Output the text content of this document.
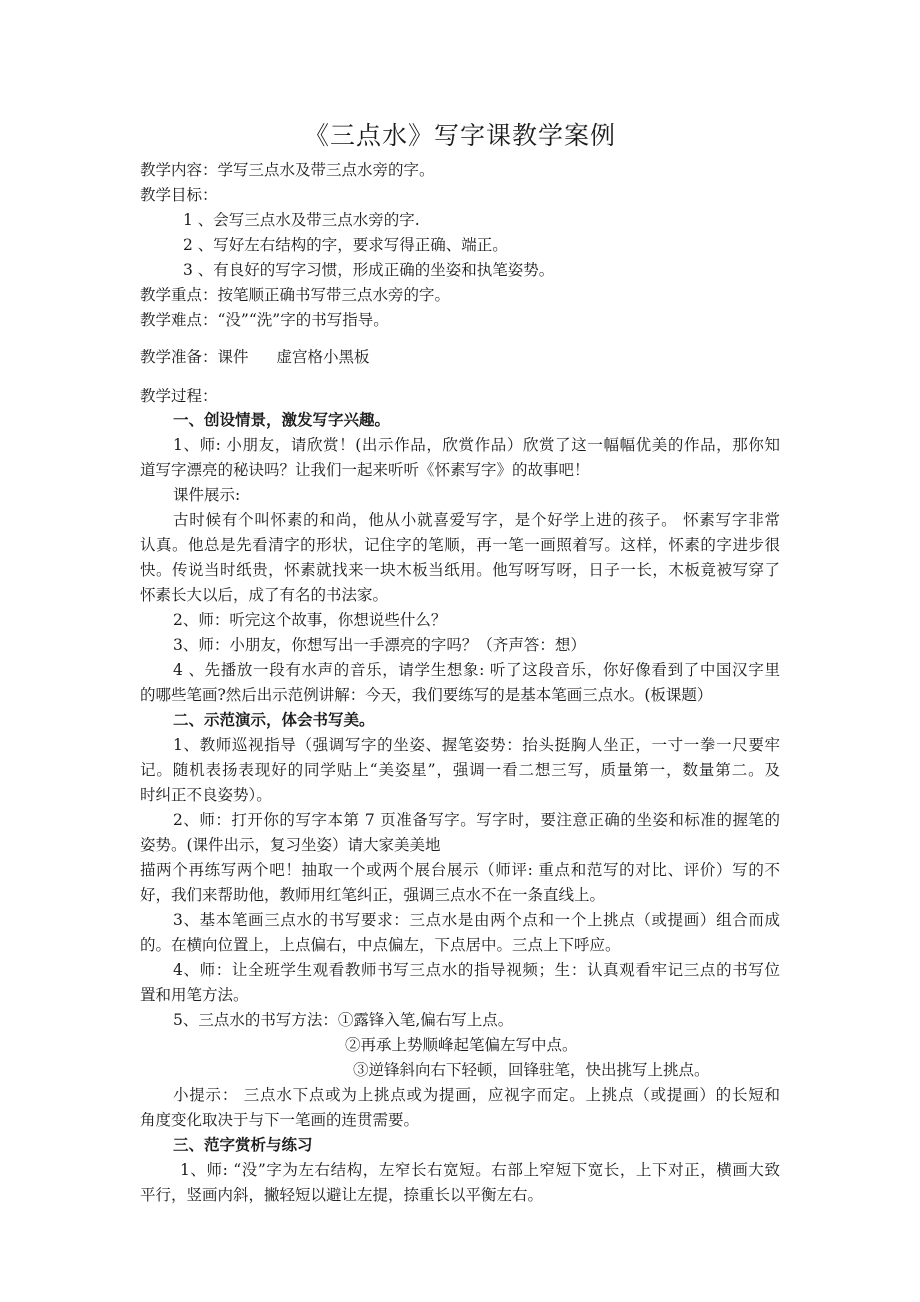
《三点水》写字课教学案例
教学内容：学写三点水及带三点水旁的字。
教学目标：
1 、会写三点水及带三点水旁的字.
2 、写好左右结构的字，要求写得正确、端正。
3 、有良好的写字习惯，形成正确的坐姿和执笔姿势。
教学重点：按笔顺正确书写带三点水旁的字。
教学难点：“没”“洗”字的书写指导。
教学准备：课件 虚宫格小黑板
教学过程：
一、创设情景，激发写字兴趣。
1、师: 小朋友，请欣赏！(出示作品，欣赏作品）欣赏了这一幅幅优美的作品，那你知
道写字漂亮的秘诀吗？让我们一起来听听《怀素写字》的故事吧！
课件展示:
古时候有个叫怀素的和尚，他从小就喜爱写字，是个好学上进的孩子。 怀素写字非常
认真。他总是先看清字的形状，记住字的笔顺，再一笔一画照着写。这样，怀素的字进步很
快。传说当时纸贵，怀素就找来一块木板当纸用。他写呀写呀，日子一长，木板竟被写穿了
怀素长大以后，成了有名的书法家。
2、师：听完这个故事，你想说些什么？
3、师：小朋友，你想写出一手漂亮的字吗？（齐声答：想）
4 、先播放一段有水声的音乐，请学生想象: 听了这段音乐，你好像看到了中国汉字里
的哪些笔画?然后出示范例讲解：今天，我们要练写的是基本笔画三点水。(板课题）
二、示范演示，体会书写美。
1、教师巡视指导（强调写字的坐姿、握笔姿势：抬头挺胸人坐正，一寸一拳一尺要牢
记。随机表扬表现好的同学贴上“美姿星”，强调一看二想三写，质量第一，数量第二。及
时纠正不良姿势）。
2、师：打开你的写字本第 7 页准备写字。写字时，要注意正确的坐姿和标准的握笔的
姿势。(课件出示，复习坐姿）请大家美美地
描两个再练写两个吧！抽取一个或两个展台展示（师评: 重点和范写的对比、评价）写的不
好，我们来帮助他，教师用红笔纠正，强调三点水不在一条直线上。
3、基本笔画三点水的书写要求：三点水是由两个点和一个上挑点（或提画）组合而成
的。在横向位置上，上点偏右，中点偏左，下点居中。三点上下呼应。
4、师：让全班学生观看教师书写三点水的指导视频；生：认真观看牢记三点的书写位
置和用笔方法。
5、三点水的书写方法：①露锋入笔,偏右写上点。
②再承上势顺峰起笔偏左写中点。
③逆锋斜向右下轻顿，回锋驻笔，快出挑写上挑点。
小提示： 三点水下点或为上挑点或为提画，应视字而定。上挑点（或提画）的长短和
角度变化取决于与下一笔画的连贯需要。
三、范字赏析与练习
1、师: “没”字为左右结构，左窄长右宽短。右部上窄短下宽长，上下对正，横画大致
平行，竖画内斜，撇轻短以避让左提，捺重长以平衡左右。
